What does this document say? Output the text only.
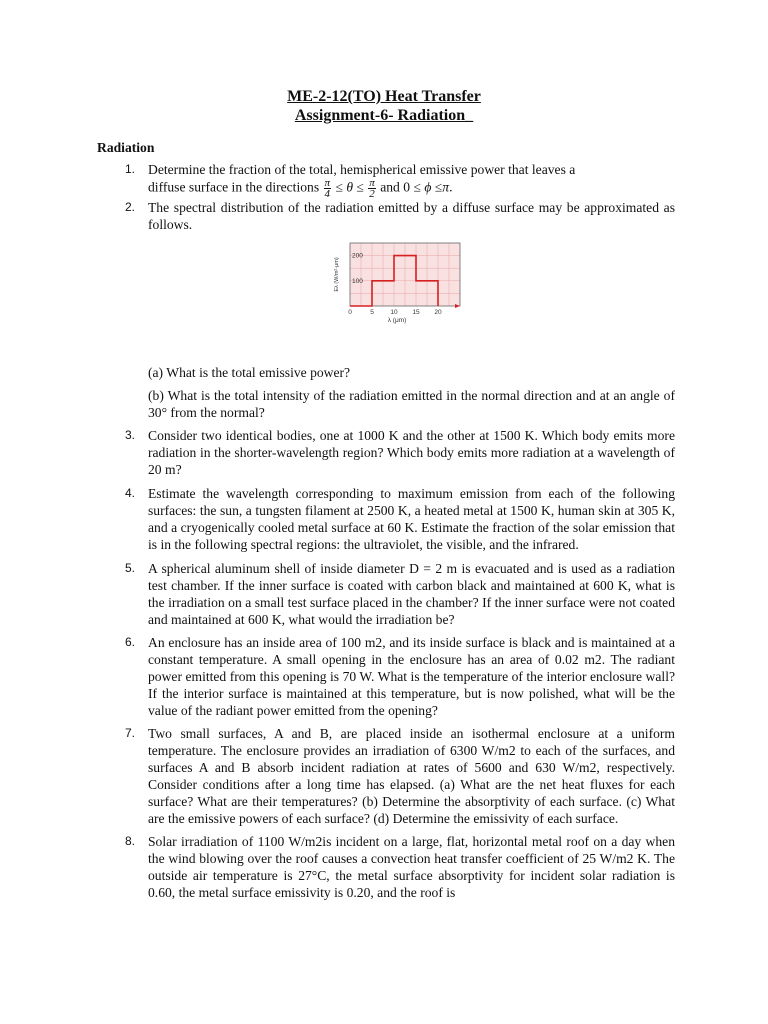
ME-2-12(TO) Heat Transfer
Assignment-6- Radiation_
Radiation
1. Determine the fraction of the total, hemispherical emissive power that leaves a
diffuse surface in the directions $\frac{\pi}{4} \le \theta \le \frac{\pi}{2}$ and 0 ≤ ϕ ≤π.
2. The spectral distribution of the radiation emitted by a diffuse surface may be approximated as follows.
0	5	10 15 20
100
200
λ (μm)
Eλ (W/m²·μm)
(a) What is the total emissive power?
(b) What is the total intensity of the radiation emitted in the normal direction and at an angle of 30° from the normal?
3. Consider two identical bodies, one at 1000 K and the other at 1500 K. Which body emits more radiation in the shorter-wavelength region? Which body emits more radiation at a wavelength of 20 m?
4. Estimate the wavelength corresponding to maximum emission from each of the following surfaces: the sun, a tungsten filament at 2500 K, a heated metal at 1500 K, human skin at 305 K, and a cryogenically cooled metal surface at 60 K. Estimate the fraction of the solar emission that is in the following spectral regions: the ultraviolet, the visible, and the infrared.
5. A spherical aluminum shell of inside diameter D = 2 m is evacuated and is used as a radiation test chamber. If the inner surface is coated with carbon black and maintained at 600 K, what is the irradiation on a small test surface placed in the chamber? If the inner surface were not coated and maintained at 600 K, what would the irradiation be?
6. An enclosure has an inside area of 100 m2, and its inside surface is black and is maintained at a constant temperature. A small opening in the enclosure has an area of 0.02 m2. The radiant power emitted from this opening is 70 W. What is the temperature of the interior enclosure wall? If the interior surface is maintained at this temperature, but is now polished, what will be the value of the radiant power emitted from the opening?
7. Two small surfaces, A and B, are placed inside an isothermal enclosure at a uniform temperature. The enclosure provides an irradiation of 6300 W/m2 to each of the surfaces, and surfaces A and B absorb incident radiation at rates of 5600 and 630 W/m2, respectively. Consider conditions after a long time has elapsed. (a) What are the net heat fluxes for each surface? What are their temperatures? (b) Determine the absorptivity of each surface. (c) What are the emissive powers of each surface? (d) Determine the emissivity of each surface.
8. Solar irradiation of 1100 W/m2is incident on a large, flat, horizontal metal roof on a day when the wind blowing over the roof causes a convection heat transfer coefficient of 25 W/m2 K. The outside air temperature is 27°C, the metal surface absorptivity for incident solar radiation is 0.60, the metal surface emissivity is 0.20, and the roof is
